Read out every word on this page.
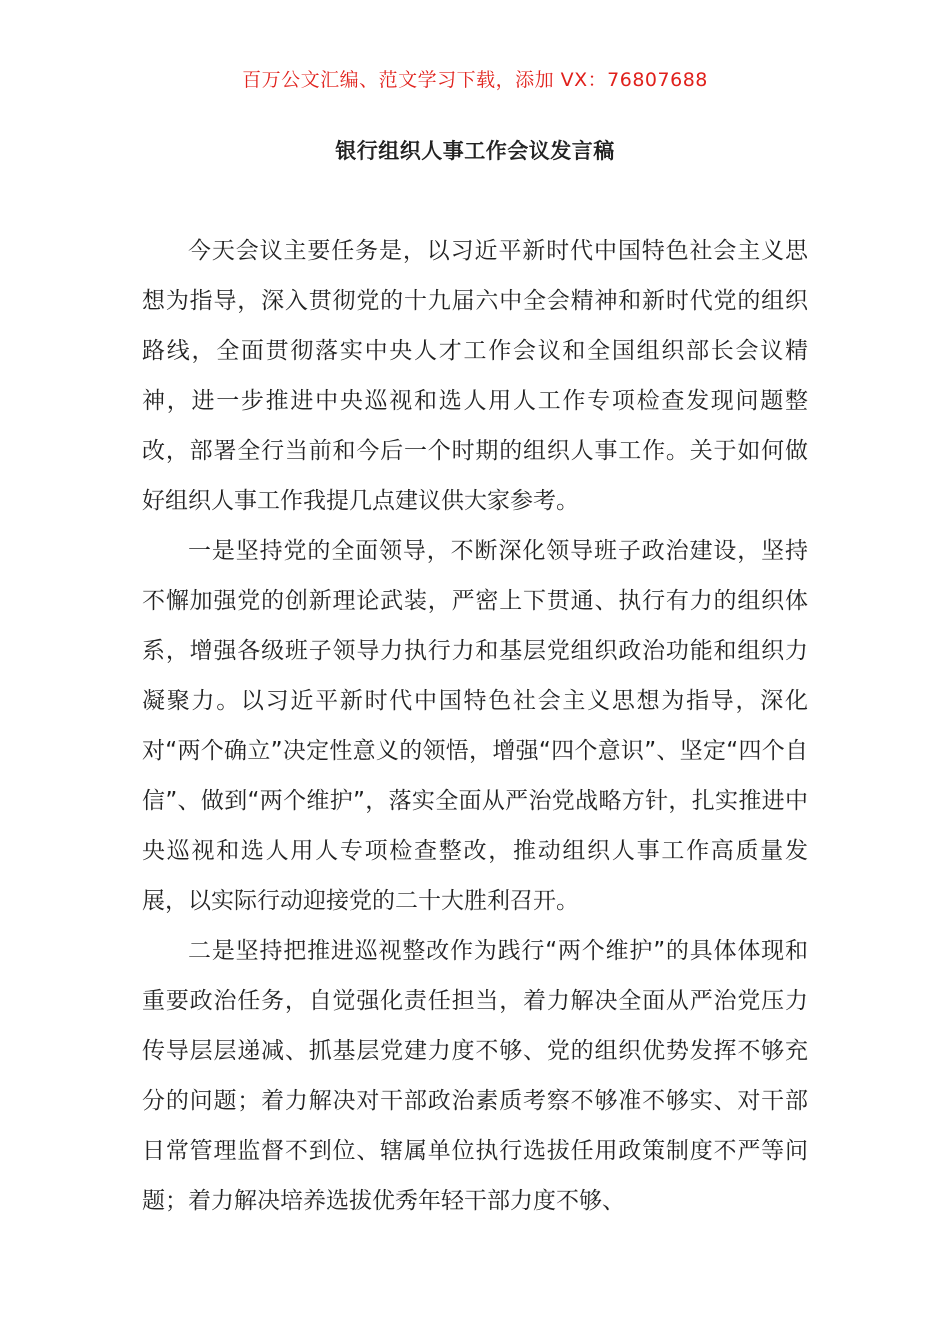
百万公文汇编、范文学习下载，添加 VX：76807688
银行组织人事工作会议发言稿

今天会议主要任务是，以习近平新时代中国特色社会主义思想为指导，深入贯彻党的十九届六中全会精神和新时代党的组织路线，全面贯彻落实中央人才工作会议和全国组织部长会议精神，进一步推进中央巡视和选人用人工作专项检查发现问题整改，部署全行当前和今后一个时期的组织人事工作。关于如何做好组织人事工作我提几点建议供大家参考。

一是坚持党的全面领导，不断深化领导班子政治建设，坚持不懈加强党的创新理论武装，严密上下贯通、执行有力的组织体系，增强各级班子领导力执行力和基层党组织政治功能和组织力凝聚力。以习近平新时代中国特色社会主义思想为指导，深化对“两个确立”决定性意义的领悟，增强“四个意识”、坚定“四个自信”、做到“两个维护”，落实全面从严治党战略方针，扎实推进中央巡视和选人用人专项检查整改，推动组织人事工作高质量发展，以实际行动迎接党的二十大胜利召开。

二是坚持把推进巡视整改作为践行“两个维护”的具体体现和重要政治任务，自觉强化责任担当，着力解决全面从严治党压力传导层层递减、抓基层党建力度不够、党的组织优势发挥不够充分的问题；着力解决对干部政治素质考察不够准不够实、对干部日常管理监督不到位、辖属单位执行选拔任用政策制度不严等问题；着力解决培养选拔优秀年轻干部力度不够、
